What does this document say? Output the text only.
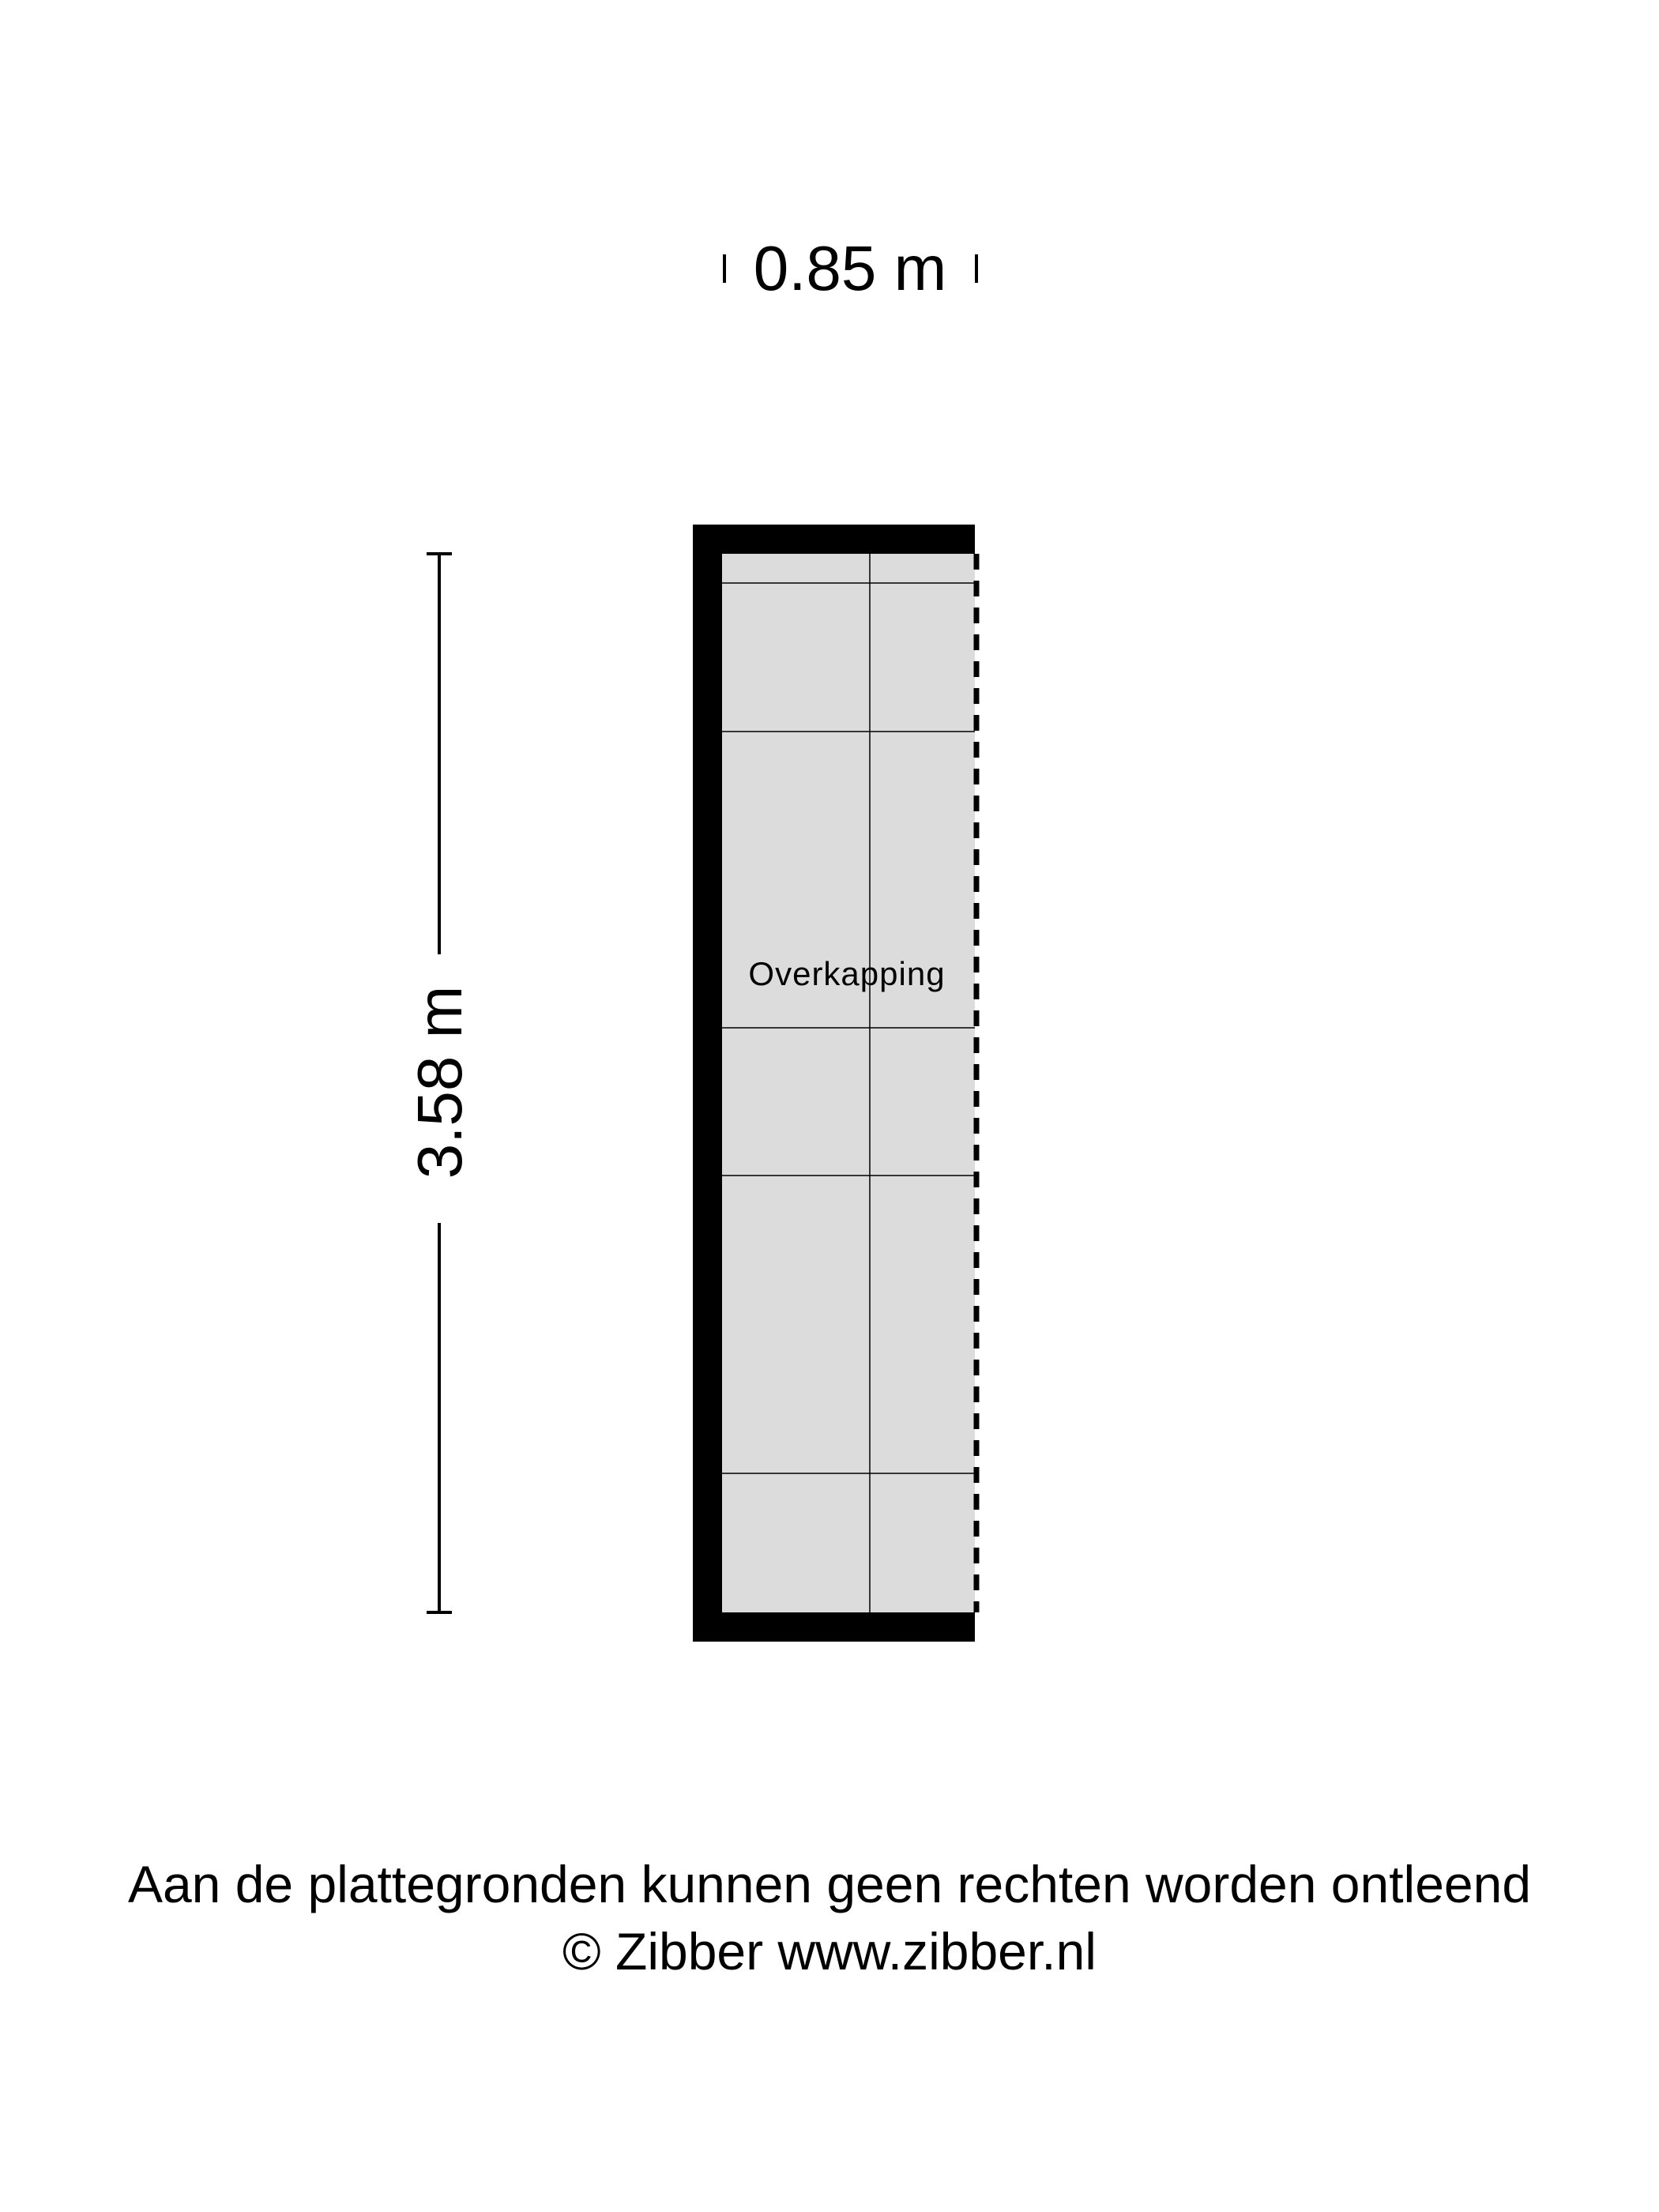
0.85 m
3.58 m
Overkapping

Aan de plattegronden kunnen geen rechten worden ontleend

© Zibber www.zibber.nl
